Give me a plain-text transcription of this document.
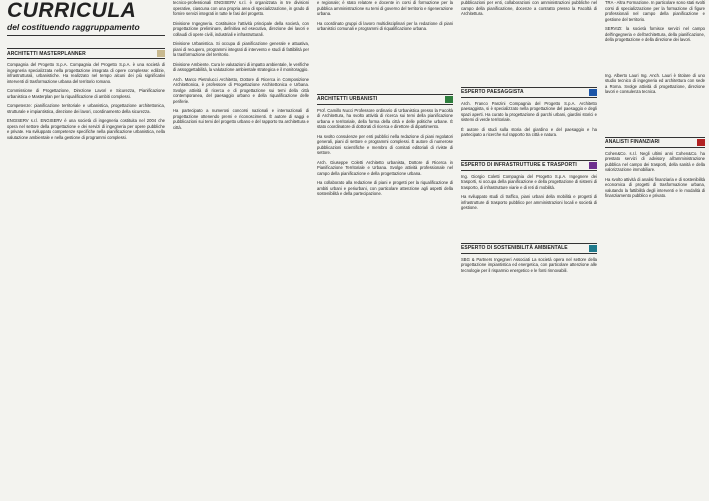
CURRICULA

del costituendo raggruppamento

ARCHITETTI MASTERPLANNER

Compagnia del Progetto S.p.A. Compagnia del Progetto S.p.A. è una società di ingegneria specializzata nella progettazione integrata di opere complesse: edilizie, infrastrutturali, urbanistiche. Ha realizzato nel tempo alcuni dei più significativi interventi di trasformazione urbana del territorio romano.

Commissione di Progettazione, Direzione Lavori e Sicurezza, Pianificazione urbanistica e Masterplan per la riqualificazione di ambiti complessi.

Competenze: pianificazione territoriale e urbanistica, progettazione architettonica, strutturale e impiantistica, direzione dei lavori, coordinamento della sicurezza.

ENGISERV s.r.l. ENGISERV è una società di ingegneria costituita nel 2004 che opera nel settore della progettazione e dei servizi di ingegneria per opere pubbliche e private. Ha sviluppato competenze specifiche nella pianificazione urbanistica, nella valutazione ambientale e nella gestione di programmi complessi.

tecnico-professionali ENGISERV s.r.l. è organizzata in tre divisioni operative, ciascuna con una propria area di specializzazione, in grado di fornire servizi integrati in tutte le fasi del progetto.

Divisione Ingegneria. Costituisce l'attività principale della società, con progettazione preliminare, definitiva ed esecutiva, direzione dei lavori e collaudi di opere civili, industriali e infrastrutturali.

Divisione Urbanistica. Si occupa di pianificazione generale e attuativa, piani di recupero, programmi integrati di intervento e studi di fattibilità per la trasformazione del territorio.

Divisione Ambiente. Cura le valutazioni di impatto ambientale, le verifiche di assoggettabilità, la valutazione ambientale strategica e il monitoraggio.

Arch. Marco Pietrolucci Architetto, Dottore di Ricerca in Composizione Architettonica, è professore di Progettazione Architettonica e Urbana. Svolge attività di ricerca e di progettazione sui temi della città contemporanea, del paesaggio urbano e della riqualificazione delle periferie.

Ha partecipato a numerosi concorsi nazionali e internazionali di progettazione ottenendo premi e riconoscimenti. È autore di saggi e pubblicazioni sui temi del progetto urbano e del rapporto tra architettura e città.

e regionale; è stato relatore e docente in corsi di formazione per la pubblica amministrazione su temi di governo del territorio e rigenerazione urbana.

Ha coordinato gruppi di lavoro multidisciplinari per la redazione di piani urbanistici comunali e programmi di riqualificazione urbana.

ARCHITETTI URBANISTI

Prof. Camillo Nucci Professore ordinario di Urbanistica presso la Facoltà di Architettura, ha svolto attività di ricerca sui temi della pianificazione urbana e territoriale, della forma della città e delle politiche urbane. È stato coordinatore di dottorati di ricerca e direttore di dipartimento.

Ha svolto consulenze per enti pubblici nella redazione di piani regolatori generali, piani di settore e programmi complessi. È autore di numerose pubblicazioni scientifiche e membro di comitati editoriali di riviste di settore.

Arch. Giuseppe Coletti Architetto urbanista, Dottore di Ricerca in Pianificazione Territoriale e Urbana. Svolge attività professionale nel campo della pianificazione e della progettazione urbana.

Ha collaborato alla redazione di piani e progetti per la riqualificazione di ambiti urbani e periurbani, con particolare attenzione agli aspetti della sostenibilità e della partecipazione.

pubblicazioni per enti, collaborazioni con amministrazioni pubbliche nel campo della pianificazione, docenze a contratto presso la Facoltà di Architettura.

ESPERTO PAESAGGISTA

Arch. Franco Panzini Compagnia del Progetto S.p.A. Architetto paesaggista, si è specializzato nella progettazione del paesaggio e degli spazi aperti. Ha curato la progettazione di parchi urbani, giardini storici e sistemi di verde territoriale.

È autore di studi sulla storia del giardino e del paesaggio e ha partecipato a ricerche sul rapporto tra città e natura.

ESPERTO DI INFRASTRUTTURE E TRASPORTI

Ing. Giorgio Coletti Compagnia del Progetto S.p.A. Ingegnere dei trasporti, si occupa della pianificazione e della progettazione di sistemi di trasporto, di infrastrutture viarie e di reti di mobilità.

Ha sviluppato studi di traffico, piani urbani della mobilità e progetti di infrastrutture di trasporto pubblico per amministrazioni locali e società di gestione.

ESPERTO DI SOSTENIBILITÀ AMBIENTALE

SBG & Partners Ingegneri Associati La società opera nel settore della progettazione impiantistica ed energetica, con particolare attenzione alle tecnologie per il risparmio energetico e le fonti rinnovabili.

TRA - Altra Formazione. In particolare sono stati svolti corsi di specializzazione per la formazione di figure professionali nel campo della pianificazione e gestione del territorio.

SERVIZI: la società fornisce servizi nel campo dell'ingegneria e dell'architettura, della pianificazione, della progettazione e della direzione dei lavori.

Ing. Alberto Lauri Ing. Anch. Lauri è titolare di uno studio tecnico di ingegneria ed architettura con sede a Roma. Svolge attività di progettazione, direzione lavori e consulenza tecnica.

ANALISTI FINANZIARI

Cohen&Co. s.r.l. Negli ultimi anni Cohen&Co. ha prestato servizi di advisory all'amministrazione pubblica nel campo dei trasporti, della sanità e della valorizzazione immobiliare.

Ha svolto attività di analisi finanziaria e di sostenibilità economica di progetti di trasformazione urbana, valutando la fattibilità degli interventi e le modalità di finanziamento pubblico e privato.
